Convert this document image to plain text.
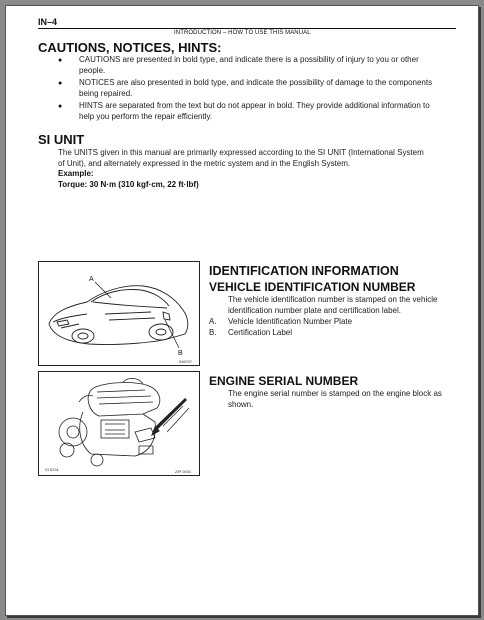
IN–4
INTRODUCTION – HOW TO USE THIS MANUAL
CAUTIONS, NOTICES, HINTS:
● CAUTIONS are presented in bold type, and indicate there is a possibility of injury to you or other
people.
● NOTICES are also presented in bold type, and indicate the possibility of damage to the components
being repaired.
● HINTS are separated from the text but do not appear in bold. They provide additional information to
help you perform the repair efficiently.
SI UNIT
The UNITS given in this manual are primarily expressed according to the SI UNIT (International System
of Unit), and alternately expressed in the metric system and in the English System.
Example:
Torque: 30 N·m (310 kgf·cm, 22 ft·lbf)
A
B
IN0037
IDENTIFICATION INFORMATION
VEHICLE IDENTIFICATION NUMBER
The vehicle identification number is stamped on the vehicle
identification number plate and certification label.
A. Vehicle Identification Number Plate
B. Certification Label
SI 5131	ZIP 0031
ENGINE SERIAL NUMBER
The engine serial number is stamped on the engine block as
shown.
